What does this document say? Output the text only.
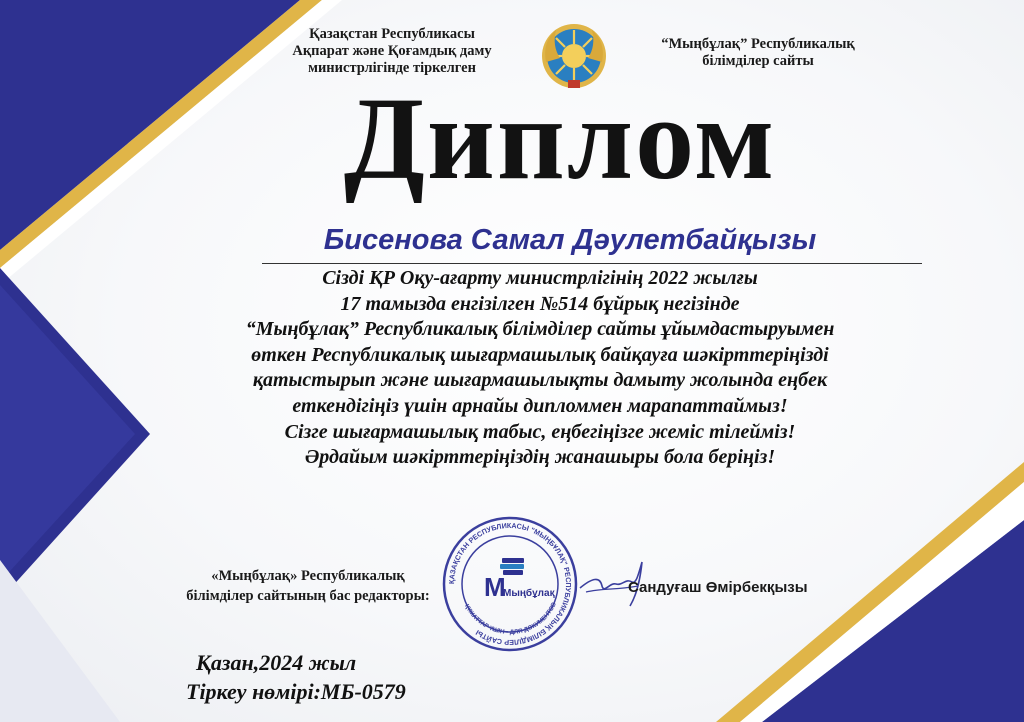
Қазақстан Республикасы
Ақпарат және Қоғамдық даму
министрлігінде тіркелген
“Мыңбұлақ” Республикалық
білімділер сайты
Диплом
Бисенова Самал Дәулетбайқызы
Сізді ҚР Оқу-ағарту министрлігінің 2022 жылғы
17 тамызда енгізілген №514 бұйрық негізінде
“Мыңбұлақ” Республикалық білімділер сайты ұйымдастыруымен
өткен Республикалық шығармашылық байқауға шәкірттеріңізді
қатыстырып және шығармашылықты дамыту жолында еңбек
еткендігіңіз үшін арнайы дипломмен марапаттаймыз!
Сізге шығармашылық табыс, еңбегіңізге жеміс тілейміз!
Әрдайым шәкірттеріңіздің жанашыры бола беріңіз!
«Мыңбұлақ» Республикалық
білімділер сайтының бас редакторы:
ҚАЗАҚСТАН РЕСПУБЛИКАСЫ "МЫҢБҰЛАҚ" РЕСПУБЛИКАЛЫҚ БІЛІМДІЛЕР САЙТЫ
ҚҰЖАТТАР ҮШІН • ДЛЯ ДОКУМЕНТОВ
М
Мыңбұлақ	Сандуғаш Өмірбекқызы
Қазан,2024 жыл
Тіркеу нөмірі:МБ-0579
